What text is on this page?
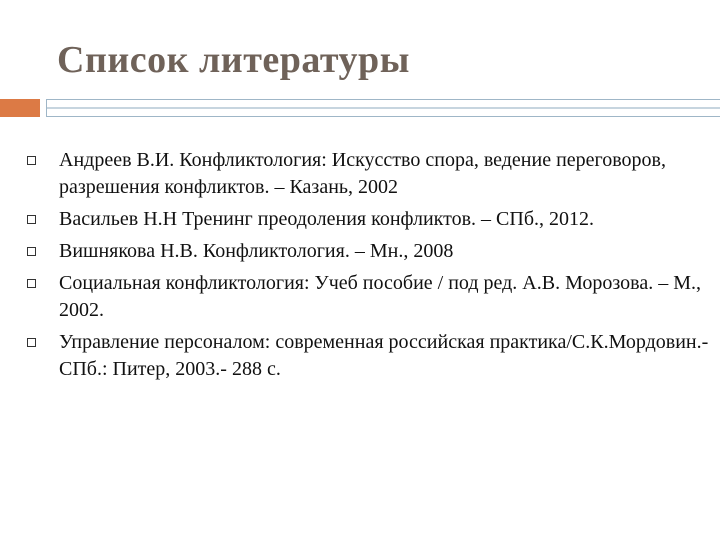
Список литературы
Андреев В.И. Конфликтология: Искусство спора, ведение переговоров, разрешения конфликтов. – Казань, 2002
Васильев Н.Н Тренинг преодоления конфликтов. – СПб., 2012.
Вишнякова Н.В. Конфликтология. – Мн., 2008
Социальная конфликтология: Учеб пособие / под ред. А.В. Морозова. – М., 2002.
Управление персоналом: современная российская практика/С.К.Мордовин.- СПб.: Питер, 2003.- 288 с.
